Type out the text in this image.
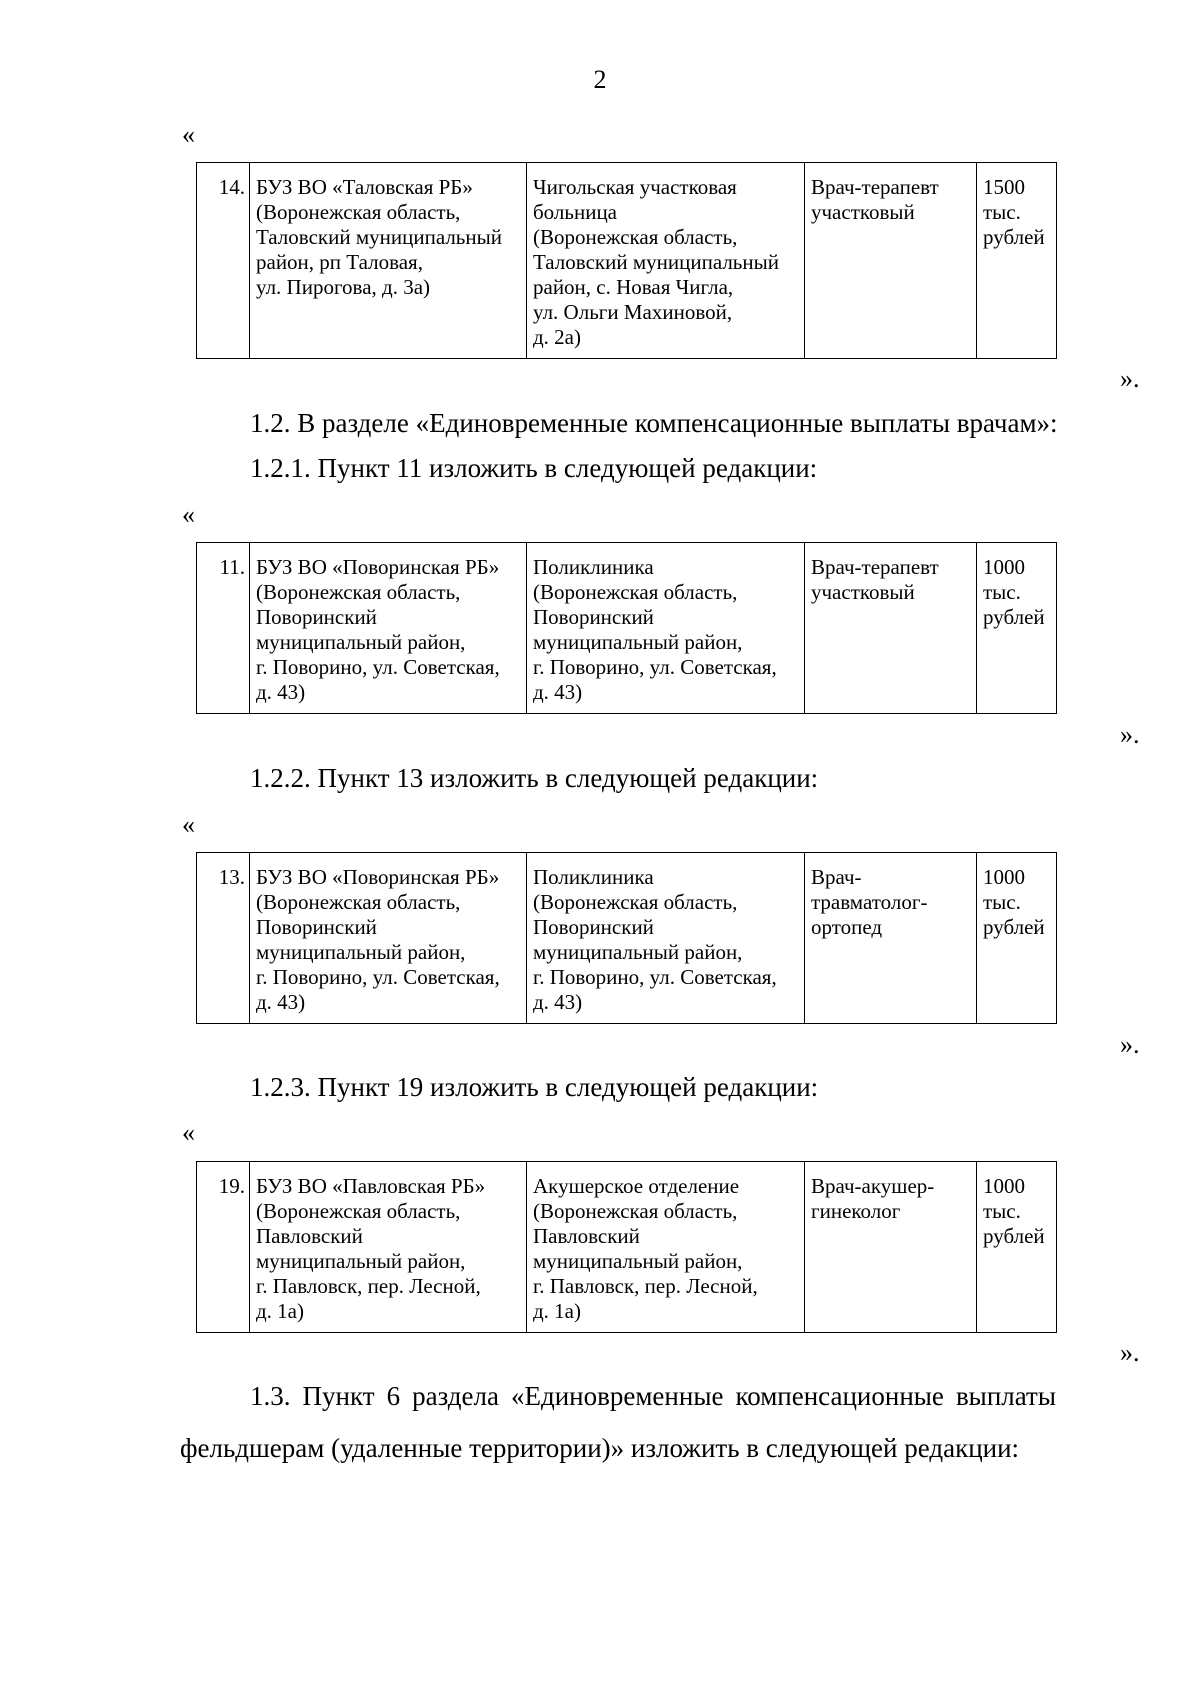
2
«
14.	БУЗ ВО «Таловская РБ»
(Воронежская область,
Таловский муниципальный
район, рп Таловая,
ул. Пирогова, д. 3а)

Чигольская участковая
больница
(Воронежская область,
Таловский муниципальный
район, с. Новая Чигла,
ул. Ольги Махиновой,
д. 2а)

Врач-терапевт
участковый

1500
тыс.
рублей
».
1.2. В разделе «Единовременные компенсационные выплаты врачам»:
1.2.1. Пункт 11 изложить в следующей редакции:
«
11.	БУЗ ВО «Поворинская РБ»
(Воронежская область,
Поворинский
муниципальный район,
г. Поворино, ул. Советская,
д. 43)

Поликлиника
(Воронежская область,
Поворинский
муниципальный район,
г. Поворино, ул. Советская,
д. 43)

Врач-терапевт
участковый

1000
тыс.
рублей
».
1.2.2. Пункт 13 изложить в следующей редакции:
«
13.	БУЗ ВО «Поворинская РБ»
(Воронежская область,
Поворинский
муниципальный район,
г. Поворино, ул. Советская,
д. 43)

Поликлиника
(Воронежская область,
Поворинский
муниципальный район,
г. Поворино, ул. Советская,
д. 43)

Врач-
травматолог-
ортопед

1000
тыс.
рублей
».
1.2.3. Пункт 19 изложить в следующей редакции:
«
19.	БУЗ ВО «Павловская РБ»
(Воронежская область,
Павловский
муниципальный район,
г. Павловск, пер. Лесной,
д. 1а)

Акушерское отделение
(Воронежская область,
Павловский
муниципальный район,
г. Павловск, пер. Лесной,
д. 1а)

Врач-акушер-
гинеколог

1000
тыс.
рублей
».
1.3. Пункт 6 раздела «Единовременные компенсационные выплаты
фельдшерам (удаленные территории)» изложить в следующей редакции:
